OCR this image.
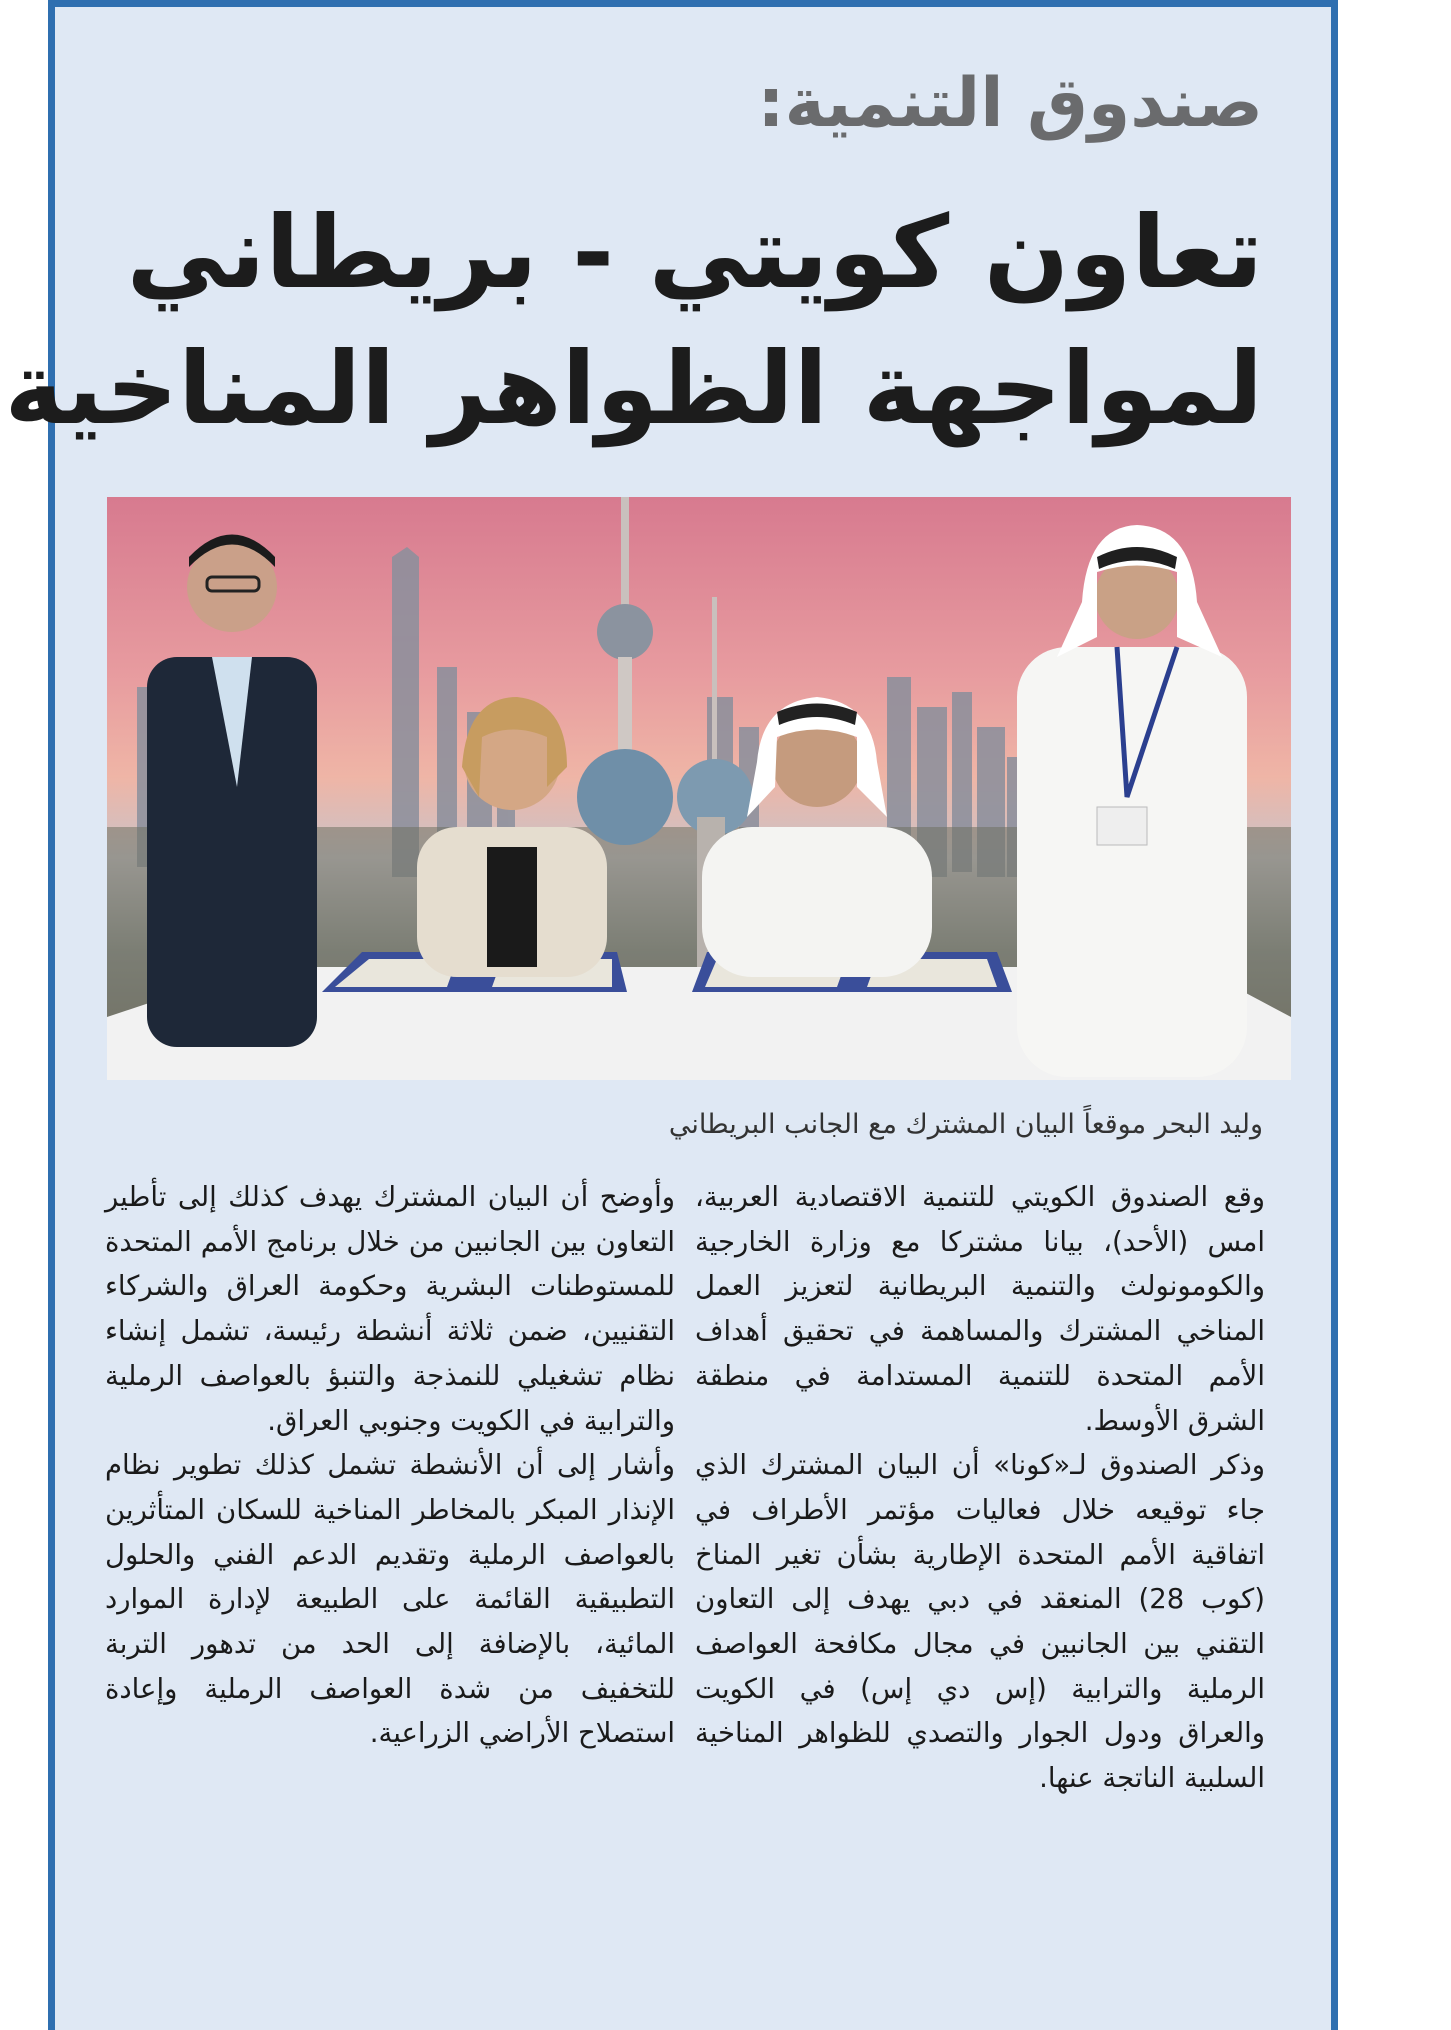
صندوق التنمية:
تعاون كويتي - بريطاني
لمواجهة الظواهر المناخية
وليد البحر موقعاً البيان المشترك مع الجانب البريطاني

وقع الصندوق الكويتي للتنمية الاقتصادية العربية، امس (الأحد)، بيانا مشتركا مع وزارة الخارجية والكومونولث والتنمية البريطانية لتعزيز العمل المناخي المشترك والمساهمة في تحقيق أهداف الأمم المتحدة للتنمية المستدامة في منطقة الشرق الأوسط.

وذكر الصندوق لـ«كونا» أن البيان المشترك الذي جاء توقيعه خلال فعاليات مؤتمر الأطراف في اتفاقية الأمم المتحدة الإطارية بشأن تغير المناخ (كوب 28) المنعقد في دبي يهدف إلى التعاون التقني بين الجانبين في مجال مكافحة العواصف الرملية والترابية (إس دي إس) في الكويت والعراق ودول الجوار والتصدي للظواهر المناخية السلبية الناتجة عنها.

وأوضح أن البيان المشترك يهدف كذلك إلى تأطير التعاون بين الجانبين من خلال برنامج الأمم المتحدة للمستوطنات البشرية وحكومة العراق والشركاء التقنيين، ضمن ثلاثة أنشطة رئيسة، تشمل إنشاء نظام تشغيلي للنمذجة والتنبؤ بالعواصف الرملية والترابية في الكويت وجنوبي العراق.

وأشار إلى أن الأنشطة تشمل كذلك تطوير نظام الإنذار المبكر بالمخاطر المناخية للسكان المتأثرين بالعواصف الرملية وتقديم الدعم الفني والحلول التطبيقية القائمة على الطبيعة لإدارة الموارد المائية، بالإضافة إلى الحد من تدهور التربة للتخفيف من شدة العواصف الرملية وإعادة استصلاح الأراضي الزراعية.
